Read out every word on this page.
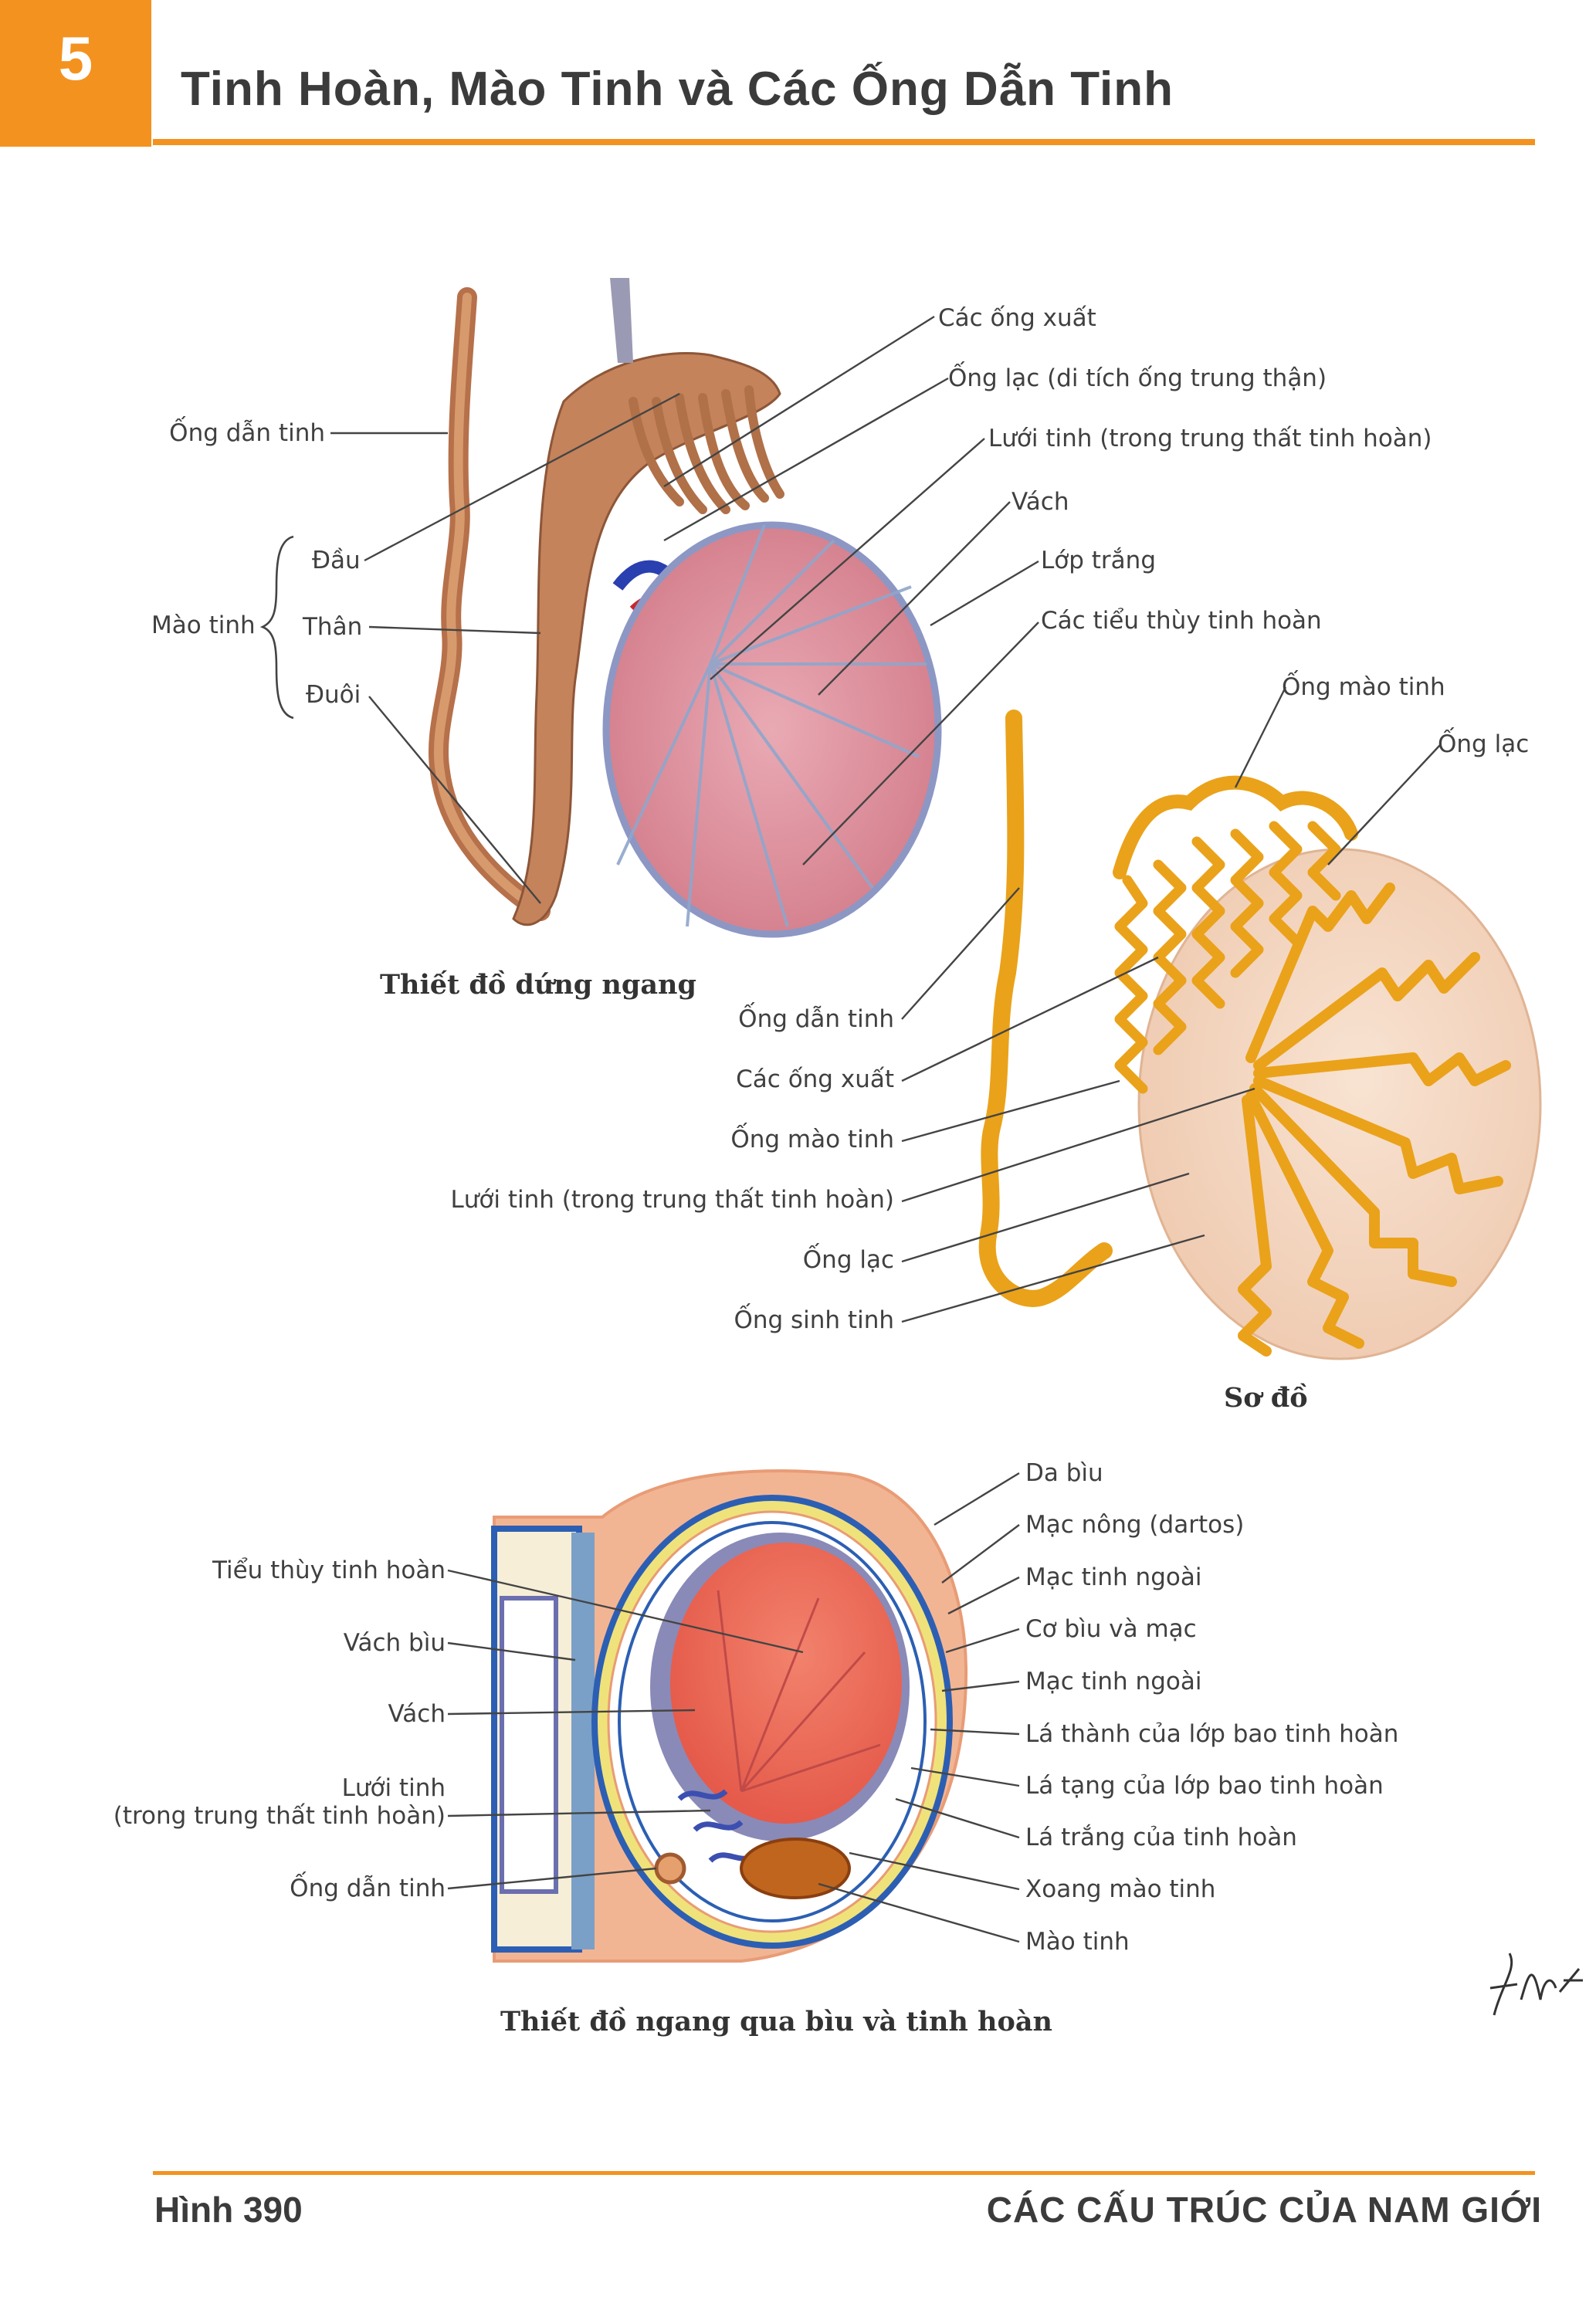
5	Tinh Hoàn, Mào Tinh và Các Ống Dẫn Tinh
Ống dẫn tinh
Mào tinh
Đầu
Thân
Đuôi
Các ống xuất
Ống lạc (di tích ống trung thận)
Lưới tinh (trong trung thất tinh hoàn)
Vách
Lớp trắng
Các tiểu thùy tinh hoàn
Thiết đồ dứng ngang
Ống mào tinh
Ống lạc
Ống dẫn tinh
Các ống xuất
Ống mào tinh
Lưới tinh (trong trung thất tinh hoàn)
Ống lạc
Ống sinh tinh
Sơ đồ
Tiểu thùy tinh hoàn
Vách bìu
Vách
Lưới tinh
(trong trung thất tinh hoàn)
Ống dẫn tinh
Da bìu
Mạc nông (dartos)
Mạc tinh ngoài
Cơ bìu và mạc
Mạc tinh ngoài
Lá thành của lớp bao tinh hoàn
Lá tạng của lớp bao tinh hoàn
Lá trắng của tinh hoàn
Xoang mào tinh
Mào tinh
Thiết đồ ngang qua bìu và tinh hoàn
Hình 390	CÁC CẤU TRÚC CỦA NAM GIỚI
